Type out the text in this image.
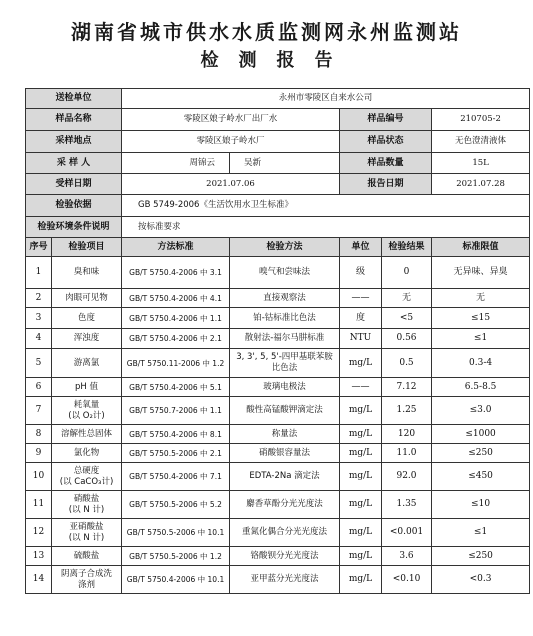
湖南省城市供水水质监测网永州监测站
检测报告
送检单位		永州市零陵区自来水公司				
样品名称		零陵区娘子岭水厂出厂水		样品编号		210705-2
采样地点		零陵区娘子岭水厂		样品状态		无色澄清液体
采 样 人		周锦云	吴新	样品数量		15L
受样日期		2021.07.06		报告日期		2021.07.28
检验依据		GB 5749-2006《生活饮用水卫生标准》				
检验环境条件说明		按标准要求				
序号	检验项目	方法标准	检验方法	单位	检验结果	标准限值
1	臭和味	GB/T 5750.4-2006 中 3.1	嗅气和尝味法	级	0	无异味、异臭
2	肉眼可见物	GB/T 5750.4-2006 中 4.1	直接观察法	——	无	无
3	色度	GB/T 5750.4-2006 中 1.1	铂-钴标准比色法	度	<5	≤15
4	浑浊度	GB/T 5750.4-2006 中 2.1	散射法-福尔马肼标准	NTU	0.56	≤1
5	游离氯	GB/T 5750.11-2006 中 1.2	3, 3', 5, 5'-四甲基联苯胺比色法	mg/L	0.5	0.3-4
6	pH 值	GB/T 5750.4-2006 中 5.1	玻璃电极法	——	7.12	6.5-8.5
7	耗氧量
(以 O₂计)	GB/T 5750.7-2006 中 1.1	酸性高锰酸钾滴定法	mg/L	1.25	≤3.0
8	溶解性总固体	GB/T 5750.4-2006 中 8.1	称量法	mg/L	120	≤1000
9	氯化物	GB/T 5750.5-2006 中 2.1	硝酸银容量法	mg/L	11.0	≤250
10	总硬度
(以 CaCO₃计)	GB/T 5750.4-2006 中 7.1	EDTA-2Na 滴定法	mg/L	92.0	≤450
11	硝酸盐
(以 N 计)	GB/T 5750.5-2006 中 5.2	麝香草酚分光光度法	mg/L	1.35	≤10
12	亚硝酸盐
(以 N 计)	GB/T 5750.5-2006 中 10.1	重氮化偶合分光光度法	mg/L	<0.001	≤1
13	硫酸盐	GB/T 5750.5-2006 中 1.2	铬酸钡分光光度法	mg/L	3.6	≤250
14	阴离子合成洗
涤剂	GB/T 5750.4-2006 中 10.1	亚甲蓝分光光度法	mg/L	<0.10	<0.3
